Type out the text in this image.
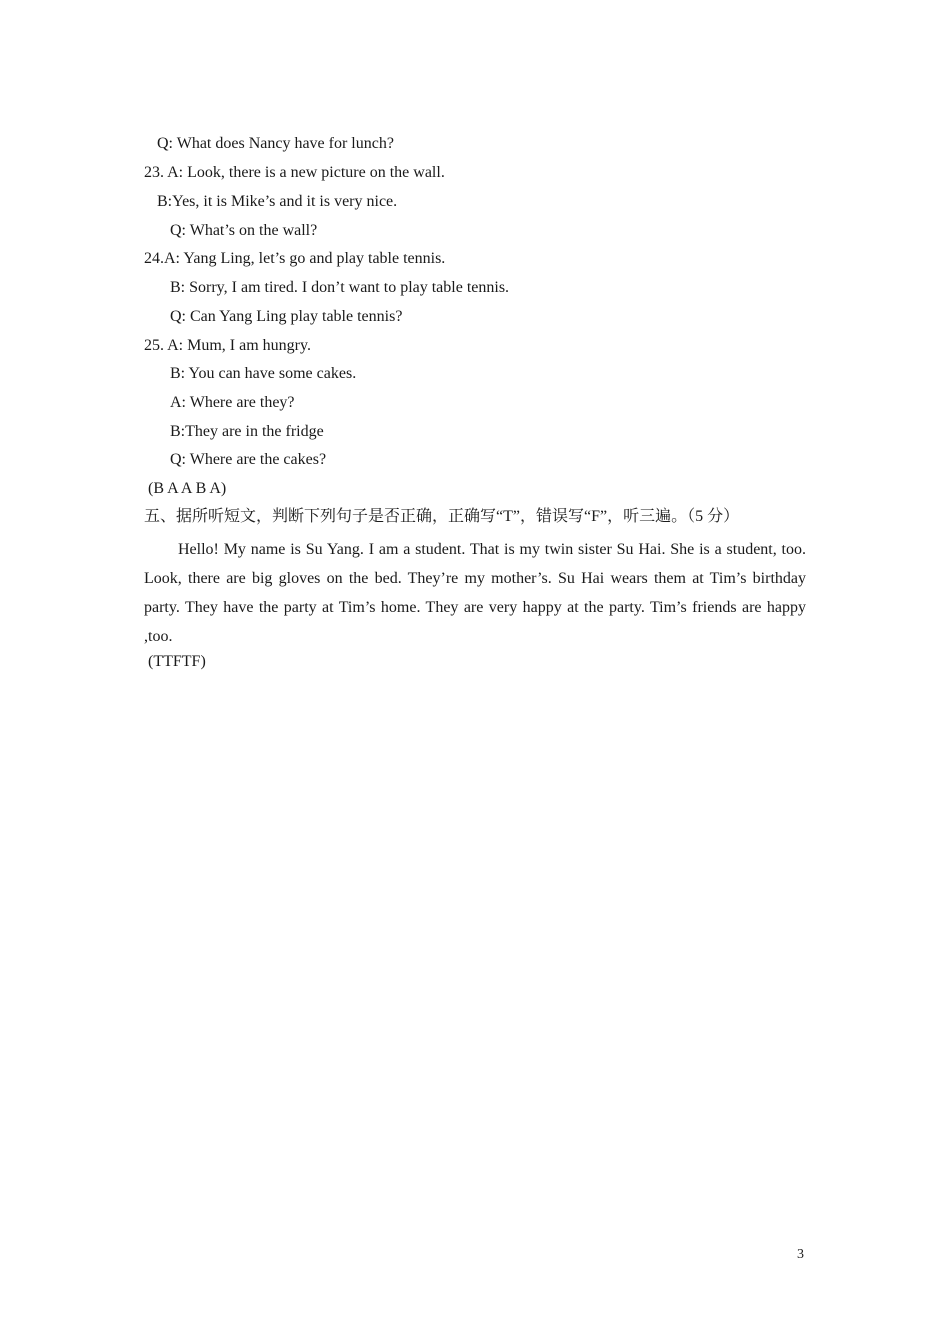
Q: What does Nancy have for lunch?
23. A: Look, there is a new picture on the wall.
B:Yes, it is Mike’s and it is very nice.
Q: What’s on the wall?
24.A: Yang Ling, let’s go and play table tennis.
B: Sorry, I am tired. I don’t want to play table tennis.
Q: Can Yang Ling play table tennis?
25. A: Mum, I am hungry.
B: You can have some cakes.
A: Where are they?
B:They are in the fridge
Q: Where are the cakes?
(B A A B A)
五、据所听短文，判断下列句子是否正确，正确写“T”，错误写“F”，听三遍。（5 分）
Hello! My name is Su Yang. I am a student. That is my twin sister Su Hai. She is a student, too. Look, there are big gloves on the bed. They’re my mother’s. Su Hai wears them at Tim’s birthday party. They have the party at Tim’s home. They are very happy at the party. Tim’s friends are happy ,too.
(TTFTF)
3
